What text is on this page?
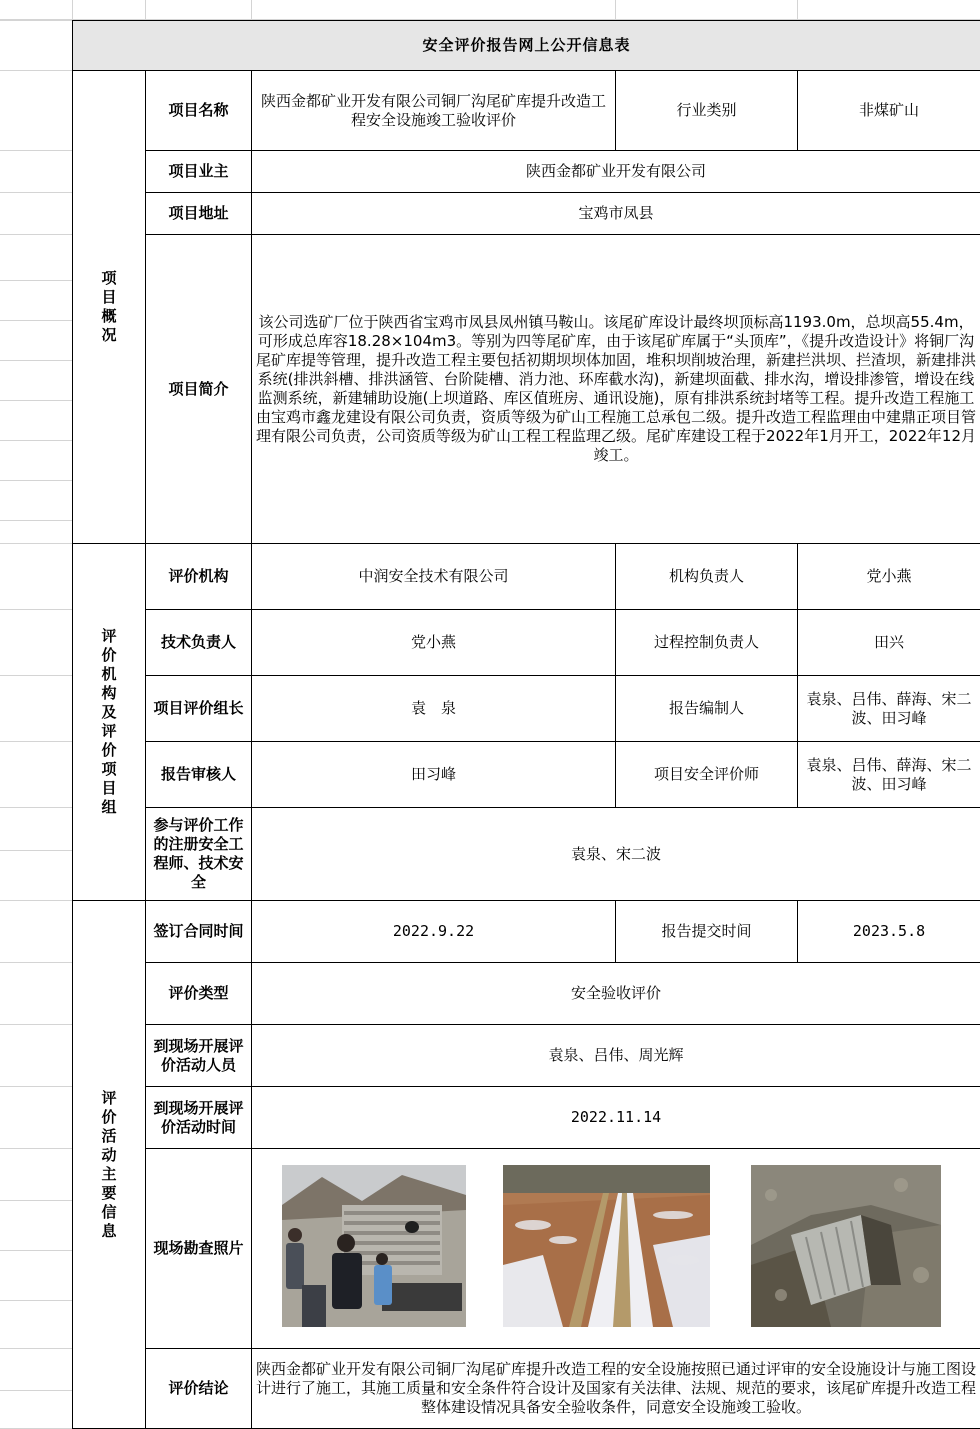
安全评价报告网上公开信息表				
项目概况	项目名称	陕西金都矿业开发有限公司铜厂沟尾矿库提升改造工程安全设施竣工验收评价	行业类别	非煤矿山
	项目业主	陕西金都矿业开发有限公司		
	项目地址	宝鸡市凤县		
	项目简介	该公司选矿厂位于陕西省宝鸡市凤县凤州镇马鞍山。该尾矿库设计最终坝顶标高1193.0m，总坝高55.4m，可形成总库容18.28×104m3。等别为四等尾矿库，由于该尾矿库属于“头顶库”，《提升改造设计》将铜厂沟尾矿库提等管理，提升改造工程主要包括初期坝坝体加固，堆积坝削坡治理，新建拦洪坝、拦渣坝，新建排洪系统(排洪斜槽、排洪涵管、台阶陡槽、消力池、环库截水沟)，新建坝面截、排水沟，增设排渗管，增设在线监测系统，新建辅助设施(上坝道路、库区值班房、通讯设施)，原有排洪系统封堵等工程。提升改造工程施工由宝鸡市鑫龙建设有限公司负责，资质等级为矿山工程施工总承包二级。提升改造工程监理由中建鼎正项目管理有限公司负责，公司资质等级为矿山工程工程监理乙级。尾矿库建设工程于2022年1月开工，2022年12月竣工。		
评价机构及评价项目组	评价机构	中润安全技术有限公司	机构负责人	党小燕
	技术负责人	党小燕	过程控制负责人	田兴
	项目评价组长	袁　泉	报告编制人	袁泉、吕伟、薛海、宋二波、田习峰
	报告审核人	田习峰	项目安全评价师	袁泉、吕伟、薛海、宋二波、田习峰
	参与评价工作的注册安全工程师、技术安全	袁泉、宋二波		
评价活动主要信息	签订合同时间	2022.9.22	报告提交时间	2023.5.8
	评价类型	安全验收评价		
	到现场开展评价活动人员	袁泉、吕伟、周光辉		
	到现场开展评价活动时间	2022.11.14		
	现场勘查照片	

	评价结论	陕西金都矿业开发有限公司铜厂沟尾矿库提升改造工程的安全设施按照已通过评审的安全设施设计与施工图设计进行了施工，其施工质量和安全条件符合设计及国家有关法律、法规、规范的要求，该尾矿库提升改造工程整体建设情况具备安全验收条件，同意安全设施竣工验收。		
